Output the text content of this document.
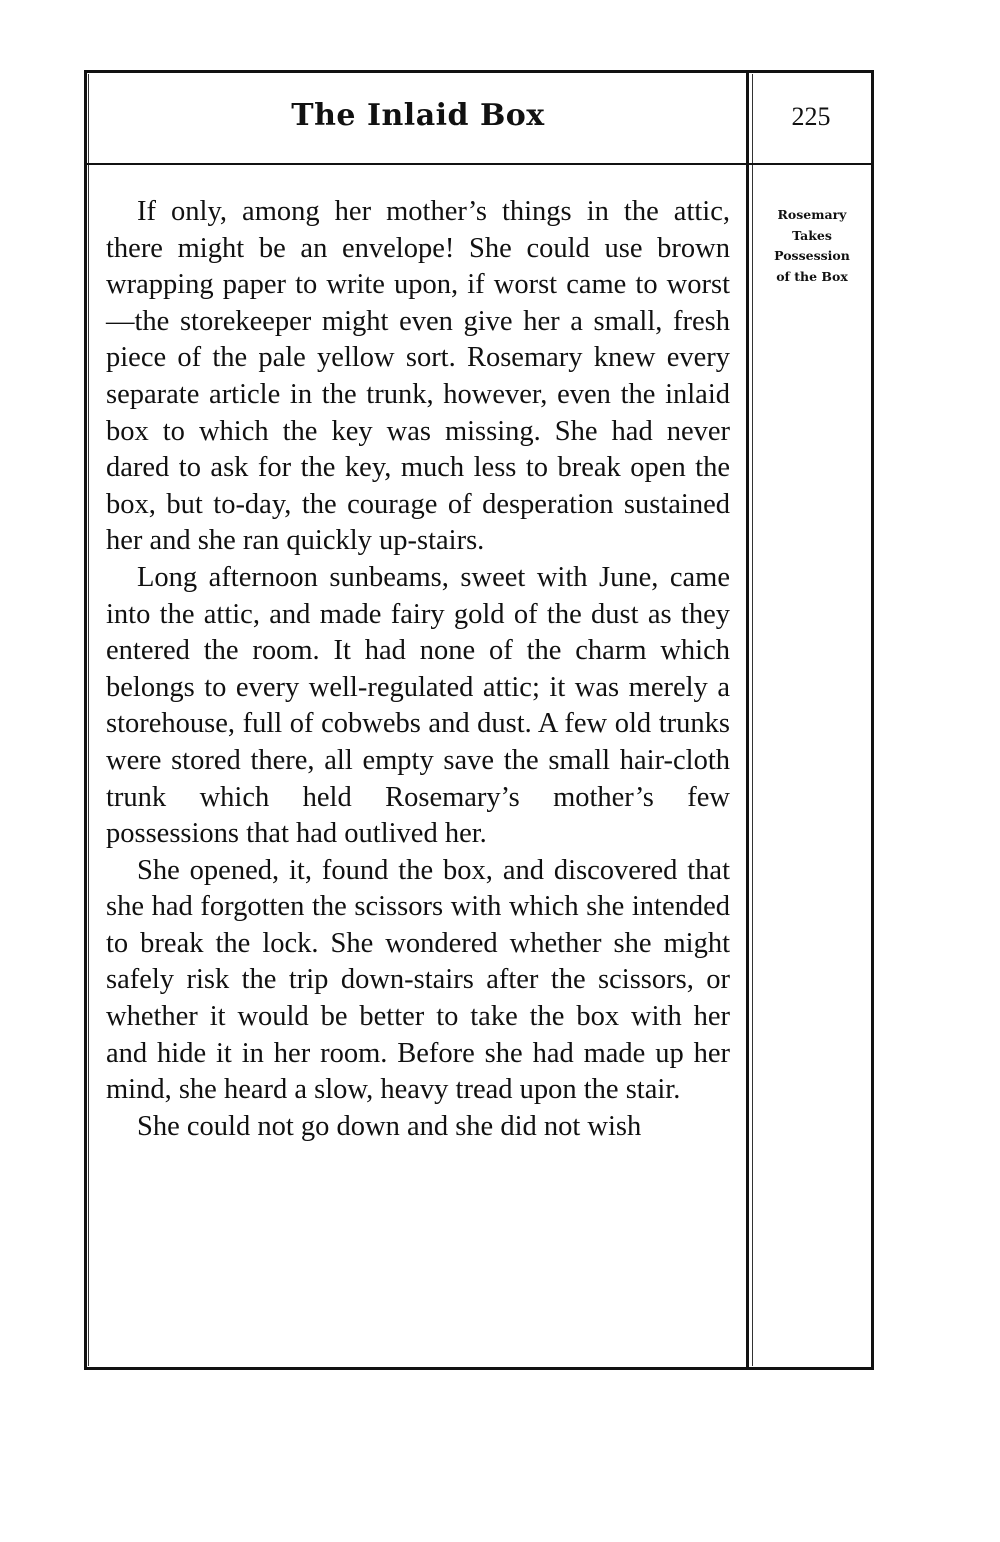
The Inlaid Box	225
Rosemary
Takes
Possession
of the Box

If only, among her mother’s things in the attic, there might be an envelope! She could use brown wrapping paper to write upon, if worst came to worst—the storekeeper might even give her a small, fresh piece of the pale yellow sort. Rosemary knew every separate article in the trunk, however, even the inlaid box to which the key was missing. She had never dared to ask for the key, much less to break open the box, but to-day, the courage of desperation sustained her and she ran quickly up-stairs.

Long afternoon sunbeams, sweet with June, came into the attic, and made fairy gold of the dust as they entered the room. It had none of the charm which belongs to every well-regulated attic; it was merely a storehouse, full of cobwebs and dust. A few old trunks were stored there, all empty save the small hair-cloth trunk which held Rosemary’s mother’s few possessions that had outlived her.

She opened, it, found the box, and discovered that she had forgotten the scissors with which she intended to break the lock. She wondered whether she might safely risk the trip down-stairs after the scissors, or whether it would be better to take the box with her and hide it in her room. Before she had made up her mind, she heard a slow, heavy tread upon the stair.

She could not go down and she did not wish
